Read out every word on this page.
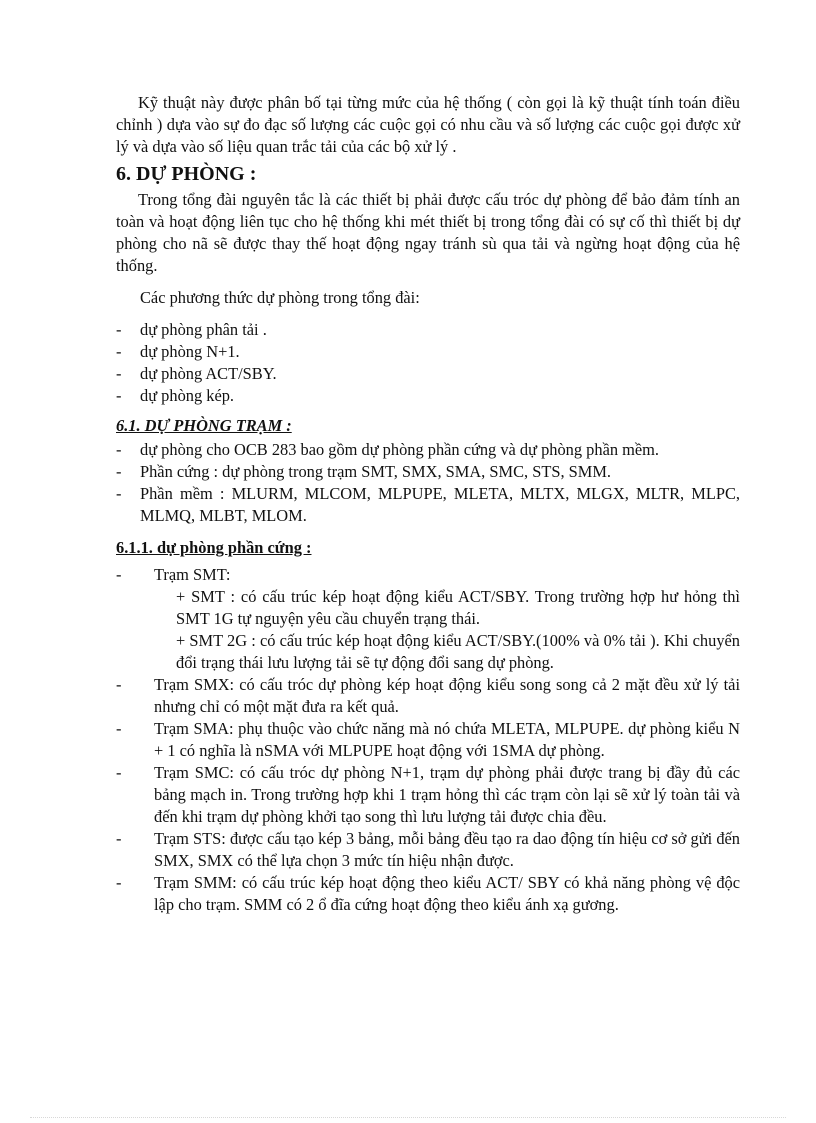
Kỹ thuật này được phân bố tại từng mức của hệ thống ( còn gọi là kỹ thuật tính toán điều chỉnh ) dựa vào sự đo đạc số lượng các cuộc gọi có nhu cầu và số lượng các cuộc gọi được xử lý và dựa vào số liệu quan trắc tải của các bộ xử lý .

6. DỰ PHÒNG :

Trong tổng đài nguyên tắc là các thiết bị phải được cấu tróc dự phòng để bảo đảm tính an toàn và hoạt động liên tục cho hệ thống khi mét thiết bị trong tổng đài có sự cố thì thiết bị dự phòng cho nã sẽ được thay thế hoạt động ngay tránh sù qua tải và ngừng hoạt động của hệ thống.

Các phương thức dự phòng trong tổng đài:

- dự phòng phân tải .
- dự phòng N+1.
- dự phòng ACT/SBY.
- dự phòng kép.

6.1. DỰ PHÒNG TRẠM :

- dự phòng cho OCB 283 bao gồm dự phòng phần cứng và dự phòng phần mềm.
- Phần cứng : dự phòng trong trạm SMT, SMX, SMA, SMC, STS, SMM.
- Phần mềm : MLURM, MLCOM, MLPUPE, MLETA, MLTX, MLGX, MLTR, MLPC, MLMQ, MLBT, MLOM.

6.1.1. dự phòng phần cứng :

- Trạm SMT:
+ SMT : có cấu trúc kép hoạt động kiểu ACT/SBY. Trong trường hợp hư hỏng thì SMT 1G tự nguyện yêu cầu chuyển trạng thái.
+ SMT 2G : có cấu trúc kép hoạt động kiểu ACT/SBY.(100% và 0% tải ). Khi chuyển đổi trạng thái lưu lượng tải sẽ tự động đổi sang dự phòng.
- Trạm SMX: có cấu tróc dự phòng kép hoạt động kiểu song song cả 2 mặt đều xử lý tải nhưng chỉ có một mặt đưa ra kết quả.
- Trạm SMA: phụ thuộc vào chức năng mà nó chứa MLETA, MLPUPE. dự phòng kiểu N + 1 có nghĩa là nSMA với MLPUPE hoạt động với 1SMA dự phòng.
- Trạm SMC: có cấu tróc dự phòng N+1, trạm dự phòng phải được trang bị đầy đủ các bảng mạch in. Trong trường hợp khi 1 trạm hỏng thì các trạm còn lại sẽ xử lý toàn tải và đến khi trạm dự phòng khởi tạo song thì lưu lượng tải được chia đều.
- Trạm STS: được cấu tạo kép 3 bảng, mỗi bảng đều tạo ra dao động tín hiệu cơ sở gửi đến SMX, SMX có thể lựa chọn 3 mức tín hiệu nhận được.
- Trạm SMM: có cấu trúc kép hoạt động theo kiểu ACT/ SBY có khả năng phòng vệ độc lập cho trạm. SMM có 2 ổ đĩa cứng hoạt động theo kiểu ánh xạ gương.
